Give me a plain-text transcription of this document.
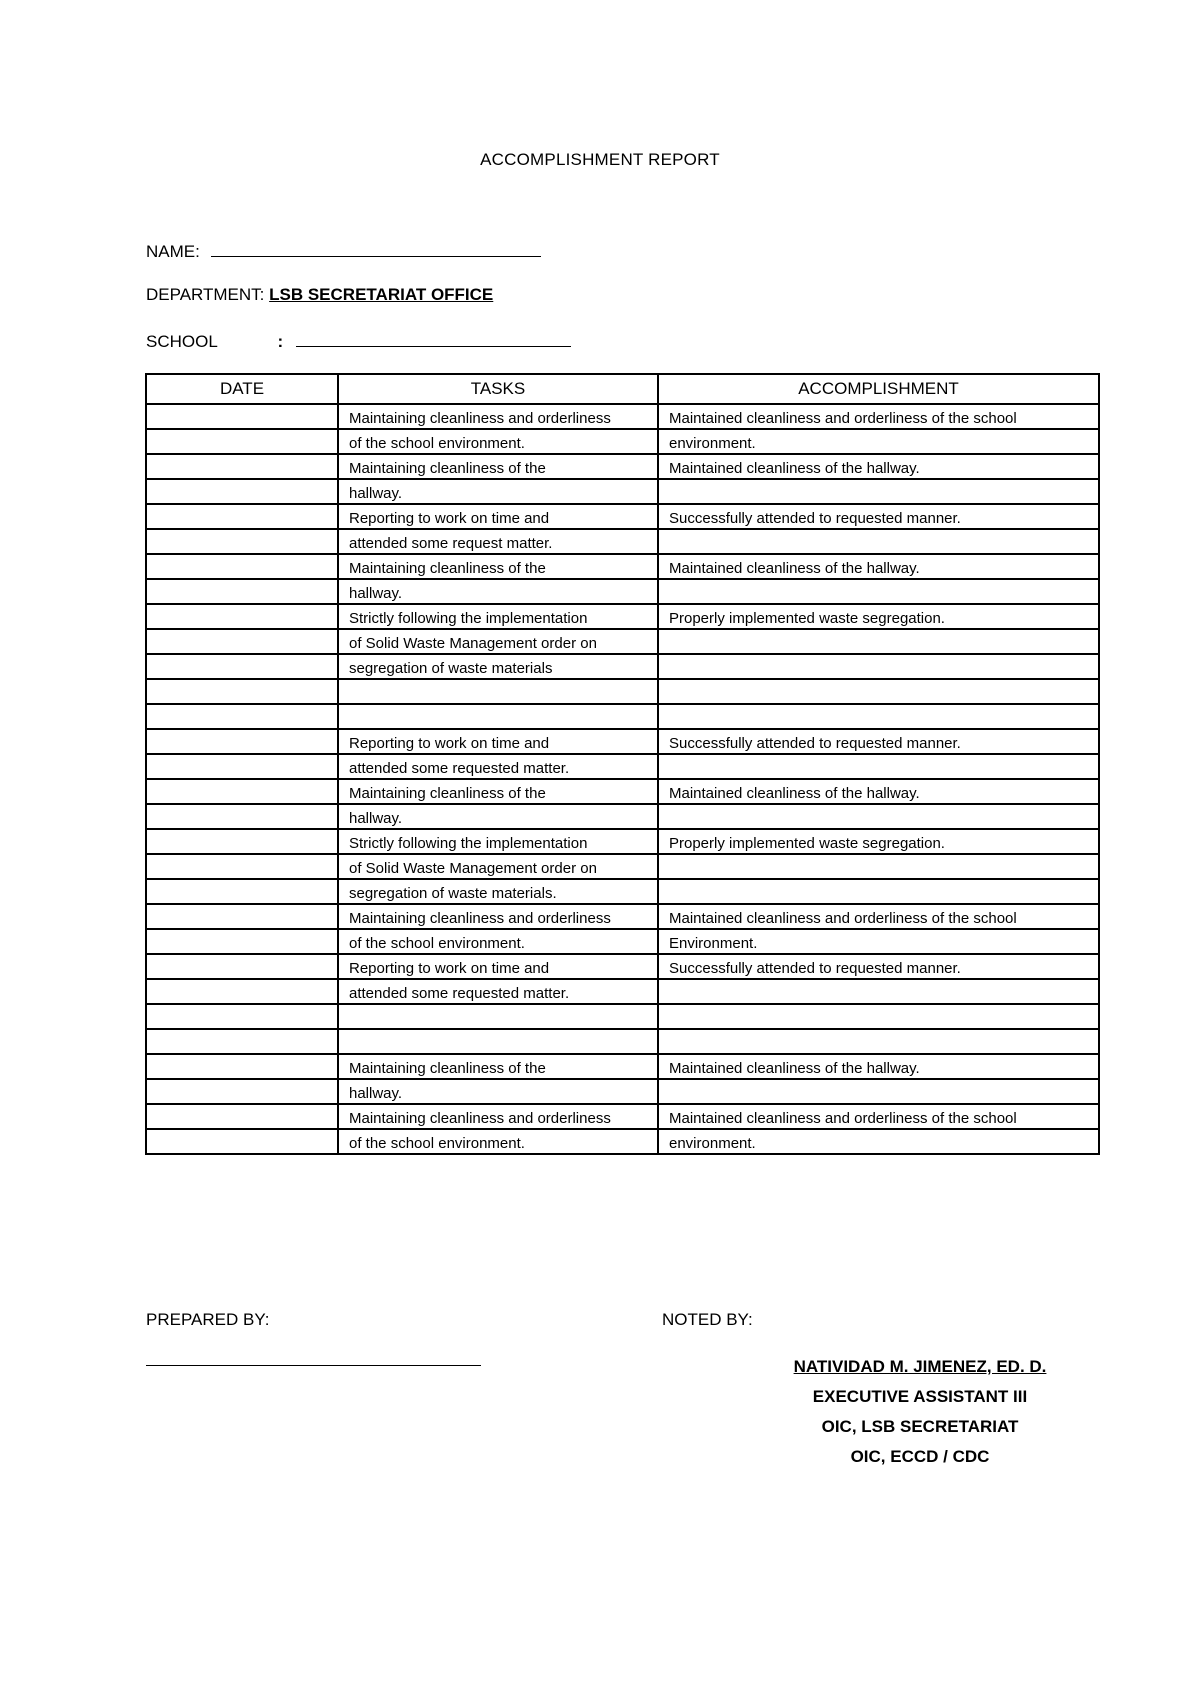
ACCOMPLISHMENT REPORT
NAME:
DEPARTMENT: LSB SECRETARIAT OFFICE
SCHOOL	:
DATE	TASKS	ACCOMPLISHMENT
	Maintaining cleanliness and orderliness	Maintained cleanliness and orderliness of the school
	of the school environment.	environment.
	Maintaining cleanliness of the	Maintained cleanliness of the hallway.
	hallway.	
	Reporting to work on time and	Successfully attended to requested manner.
	attended some request matter.	
	Maintaining cleanliness of the	Maintained cleanliness of the hallway.
	hallway.	
	Strictly following the implementation	Properly implemented waste segregation.
	of Solid Waste Management order on	
	segregation of waste materials	

	Reporting to work on time and	Successfully attended to requested manner.
	attended some requested matter.	
	Maintaining cleanliness of the	Maintained cleanliness of the hallway.
	hallway.	
	Strictly following the implementation	Properly implemented waste segregation.
	of Solid Waste Management order on	
	segregation of waste materials.	
	Maintaining cleanliness and orderliness	Maintained cleanliness and orderliness of the school
	of the school environment.	Environment.
	Reporting to work on time and	Successfully attended to requested manner.
	attended some requested matter.	

	Maintaining cleanliness of the	Maintained cleanliness of the hallway.
	hallway.	
	Maintaining cleanliness and orderliness	Maintained cleanliness and orderliness of the school
	of the school environment.	environment.
PREPARED BY:	NOTED BY:
NATIVIDAD M. JIMENEZ, ED. D.
EXECUTIVE ASSISTANT III
OIC, LSB SECRETARIAT
OIC, ECCD / CDC
